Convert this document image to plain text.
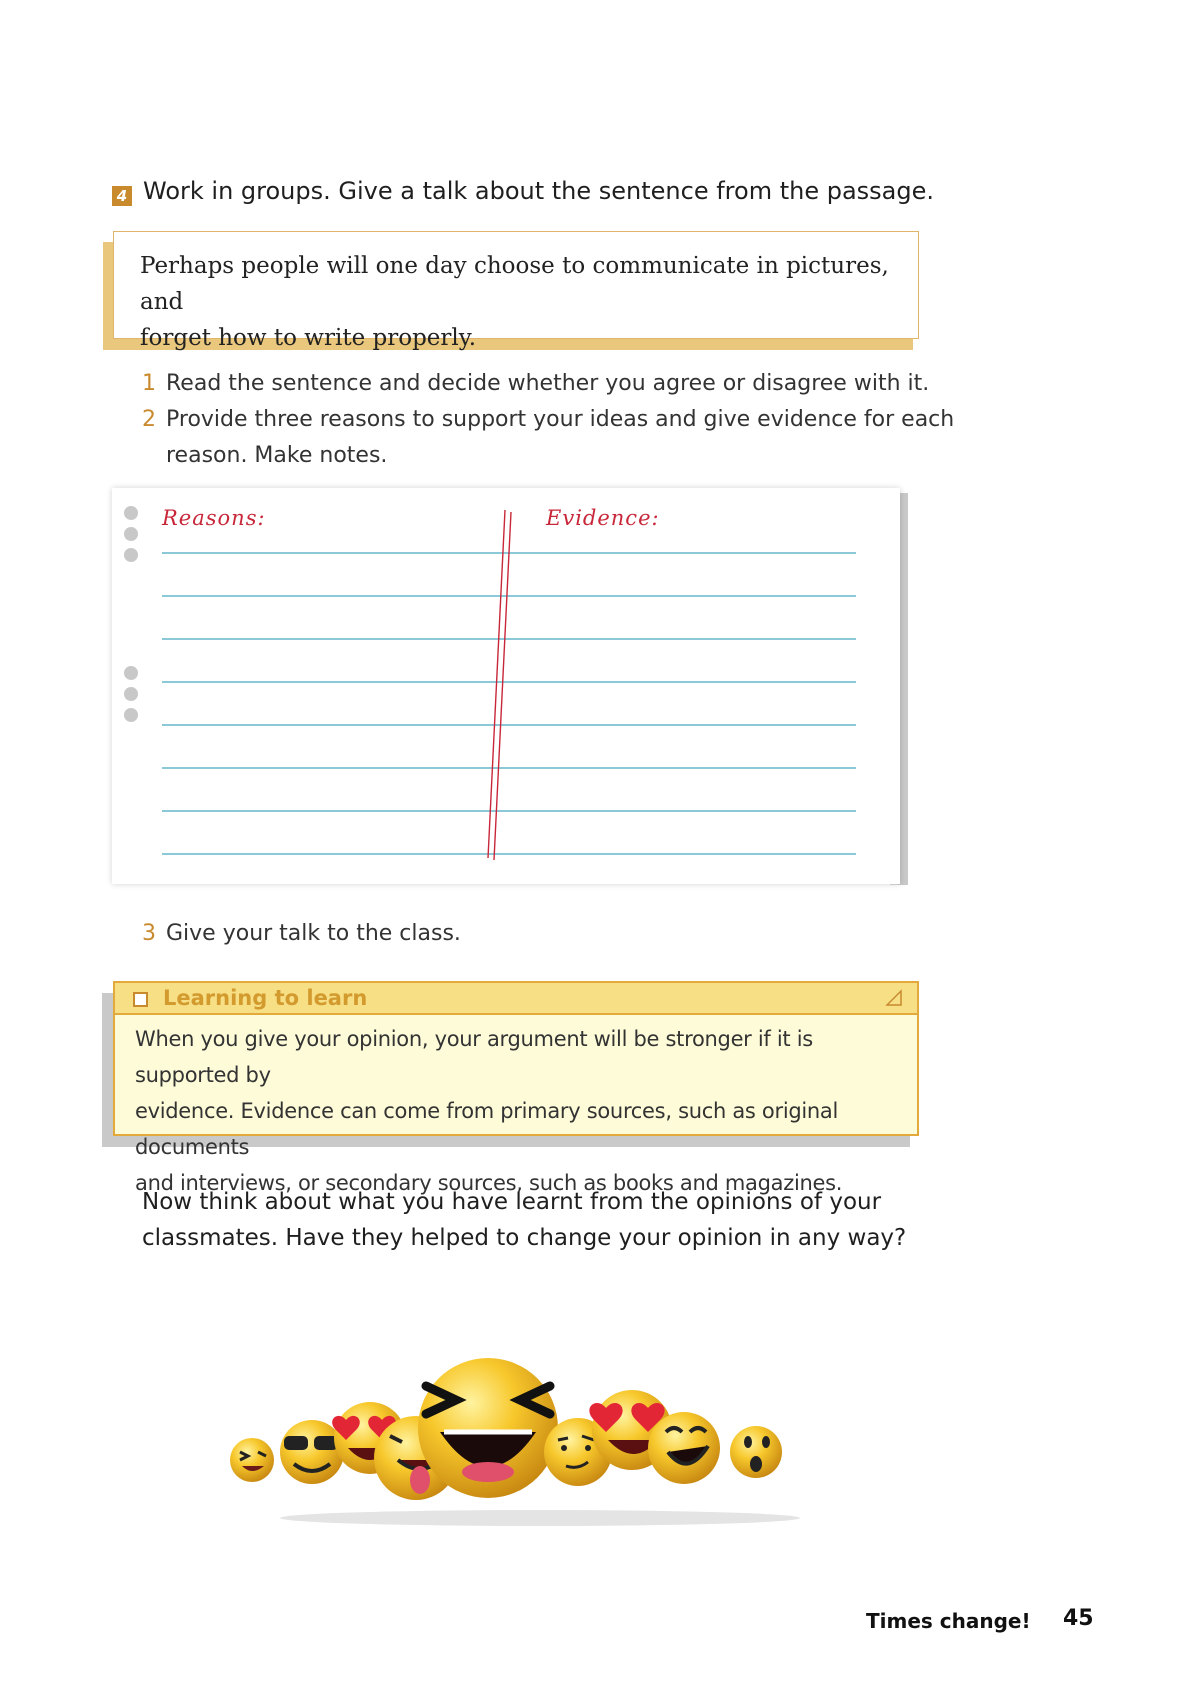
4 Work in groups. Give a talk about the sentence from the passage.
Perhaps people will one day choose to communicate in pictures, and
forget how to write properly.
1 Read the sentence and decide whether you agree or disagree with it.
2 Provide three reasons to support your ideas and give evidence for each
reason. Make notes.
Reasons:	Evidence:
3 Give your talk to the class.
Learning to learn
When you give your opinion, your argument will be stronger if it is supported by
evidence. Evidence can come from primary sources, such as original documents
and interviews, or secondary sources, such as books and magazines.
Now think about what you have learnt from the opinions of your
classmates. Have they helped to change your opinion in any way?
Times change! 45
